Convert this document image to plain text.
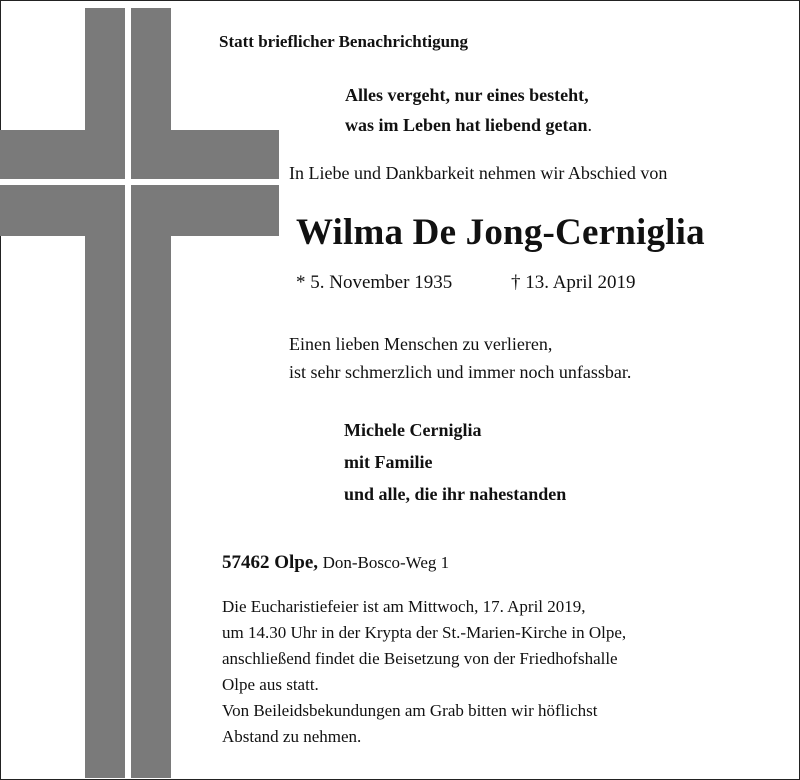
Statt brieflicher Benachrichtigung
Alles vergeht, nur eines besteht,
was im Leben hat liebend getan.
In Liebe und Dankbarkeit nehmen wir Abschied von
Wilma De Jong-Cerniglia
* 5. November 1935	† 13. April 2019
Einen lieben Menschen zu verlieren,
ist sehr schmerzlich und immer noch unfassbar.
Michele Cerniglia
mit Familie
und alle, die ihr nahestanden
57462 Olpe, Don-Bosco-Weg 1
Die Eucharistiefeier ist am Mittwoch, 17. April 2019,
um 14.30 Uhr in der Krypta der St.-Marien-Kirche in Olpe,
anschließend findet die Beisetzung von der Friedhofshalle
Olpe aus statt.
Von Beileidsbekundungen am Grab bitten wir höflichst
Abstand zu nehmen.
